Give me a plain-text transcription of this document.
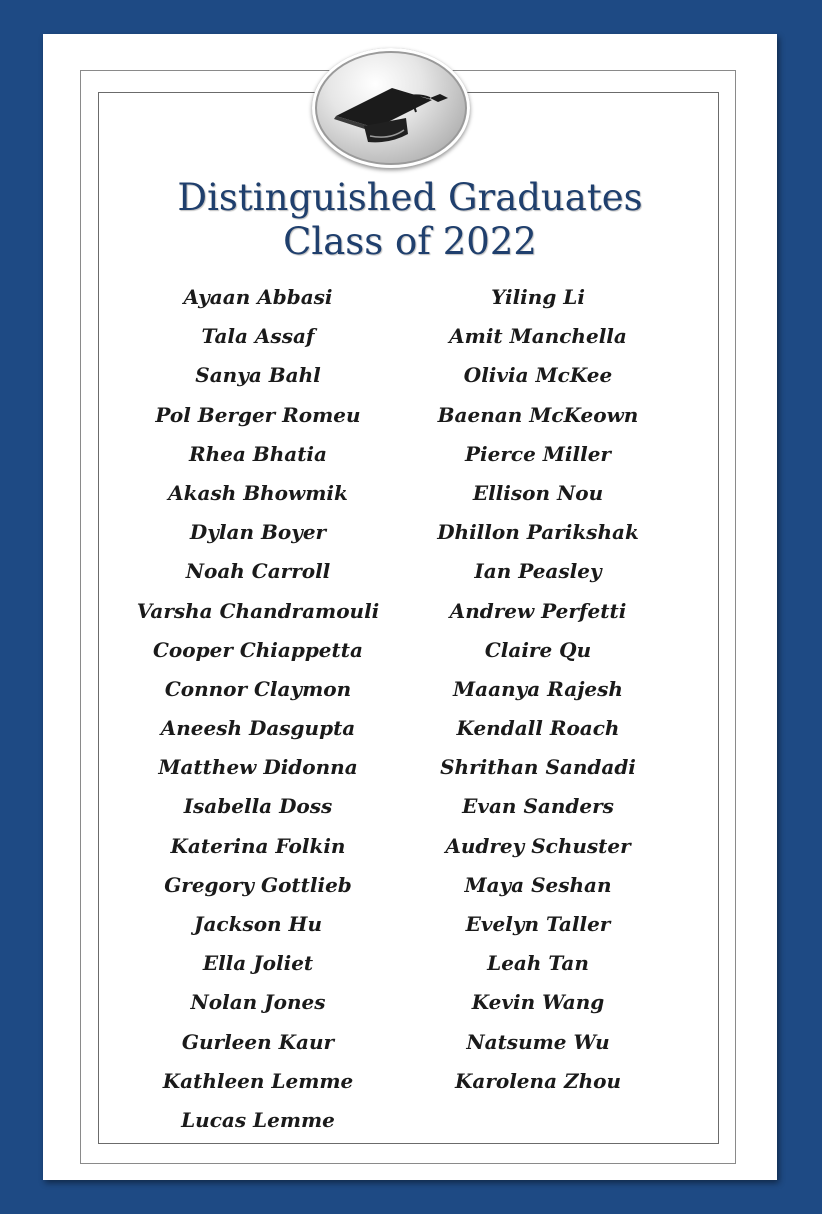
Distinguished Graduates
Class of 2022
Ayaan Abbasi
Tala Assaf
Sanya Bahl
Pol Berger Romeu
Rhea Bhatia
Akash Bhowmik
Dylan Boyer
Noah Carroll
Varsha Chandramouli
Cooper Chiappetta
Connor Claymon
Aneesh Dasgupta
Matthew Didonna
Isabella Doss
Katerina Folkin
Gregory Gottlieb
Jackson Hu
Ella Joliet
Nolan Jones
Gurleen Kaur
Kathleen Lemme
Lucas Lemme
Yiling Li
Amit Manchella
Olivia McKee
Baenan McKeown
Pierce Miller
Ellison Nou
Dhillon Parikshak
Ian Peasley
Andrew Perfetti
Claire Qu
Maanya Rajesh
Kendall Roach
Shrithan Sandadi
Evan Sanders
Audrey Schuster
Maya Seshan
Evelyn Taller
Leah Tan
Kevin Wang
Natsume Wu
Karolena Zhou
